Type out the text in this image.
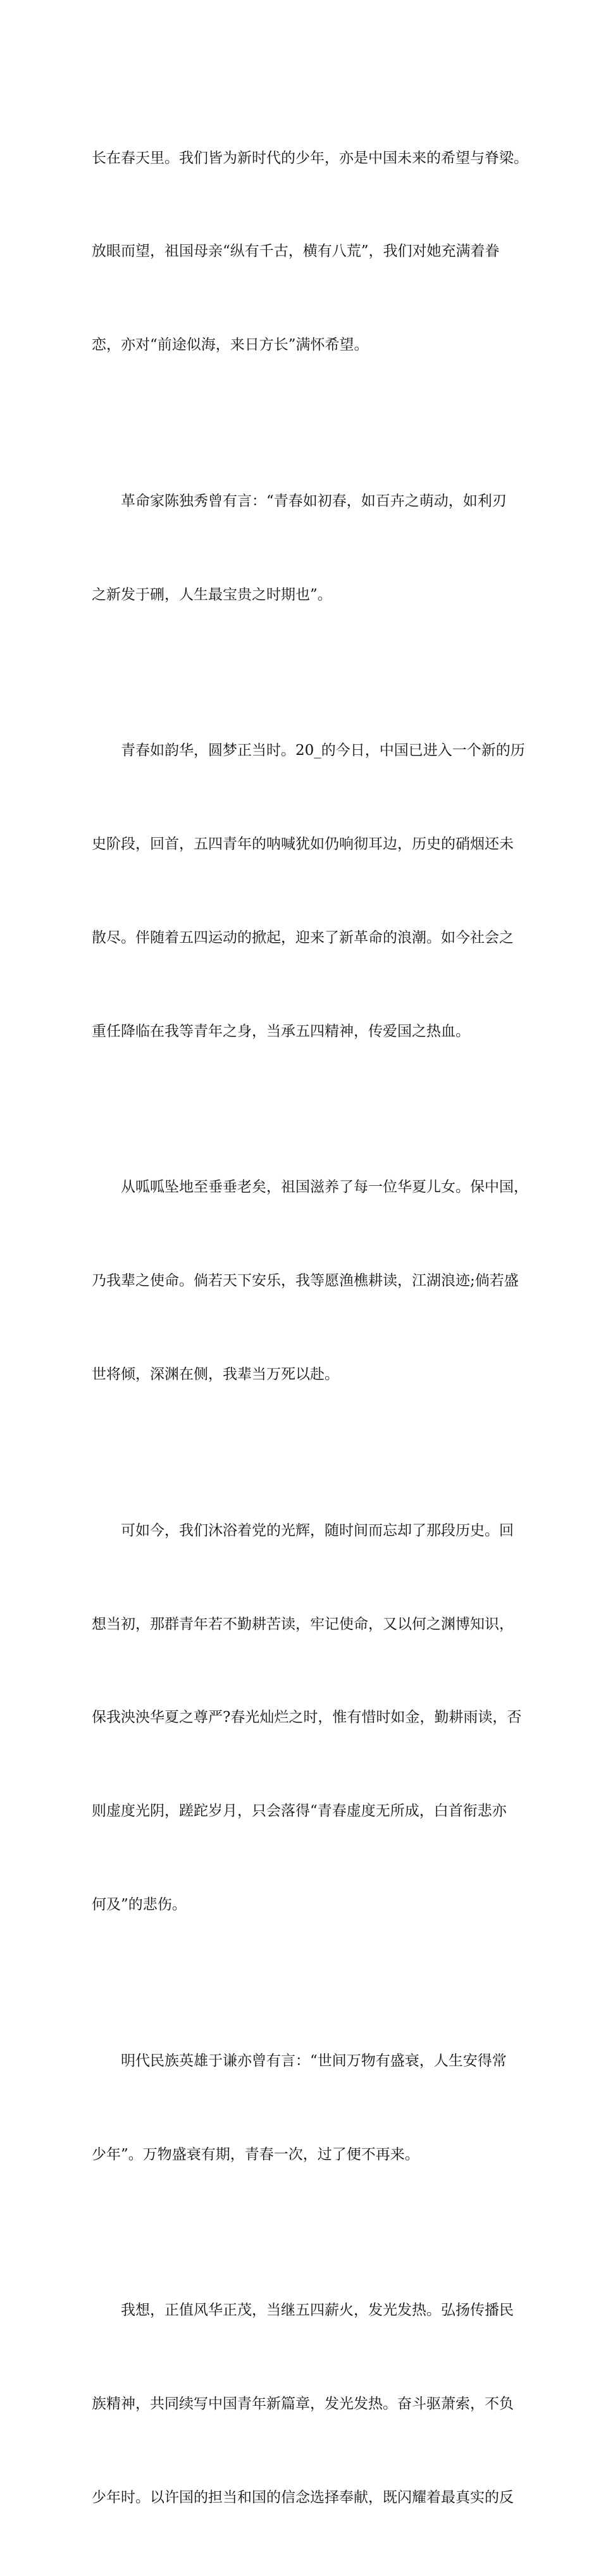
长在春天里。我们皆为新时代的少年，亦是中国未来的希望与脊梁。

放眼而望，祖国母亲“纵有千古，横有八荒”，我们对她充满着眷

恋，亦对“前途似海，来日方长”满怀希望。

　　革命家陈独秀曾有言：“青春如初春，如百卉之萌动，如利刃

之新发于硎，人生最宝贵之时期也”。

　　青春如韵华，圆梦正当时。20_的今日，中国已进入一个新的历

史阶段，回首，五四青年的呐喊犹如仍响彻耳边，历史的硝烟还未

散尽。伴随着五四运动的掀起，迎来了新革命的浪潮。如今社会之

重任降临在我等青年之身，当承五四精神，传爱国之热血。

　　从呱呱坠地至垂垂老矣，祖国滋养了每一位华夏儿女。保中国，

乃我辈之使命。倘若天下安乐，我等愿渔樵耕读，江湖浪迹;倘若盛

世将倾，深渊在侧，我辈当万死以赴。

　　可如今，我们沐浴着党的光辉，随时间而忘却了那段历史。回

想当初，那群青年若不勤耕苦读，牢记使命，又以何之渊博知识，

保我泱泱华夏之尊严?春光灿烂之时，惟有惜时如金，勤耕雨读，否

则虚度光阴，蹉跎岁月，只会落得“青春虚度无所成，白首衔悲亦

何及”的悲伤。

　　明代民族英雄于谦亦曾有言：“世间万物有盛衰，人生安得常

少年”。万物盛衰有期，青春一次，过了便不再来。

　　我想，正值风华正茂，当继五四薪火，发光发热。弘扬传播民

族精神，共同续写中国青年新篇章，发光发热。奋斗驱萧索，不负

少年时。以许国的担当和国的信念选择奉献，既闪耀着最真实的反
